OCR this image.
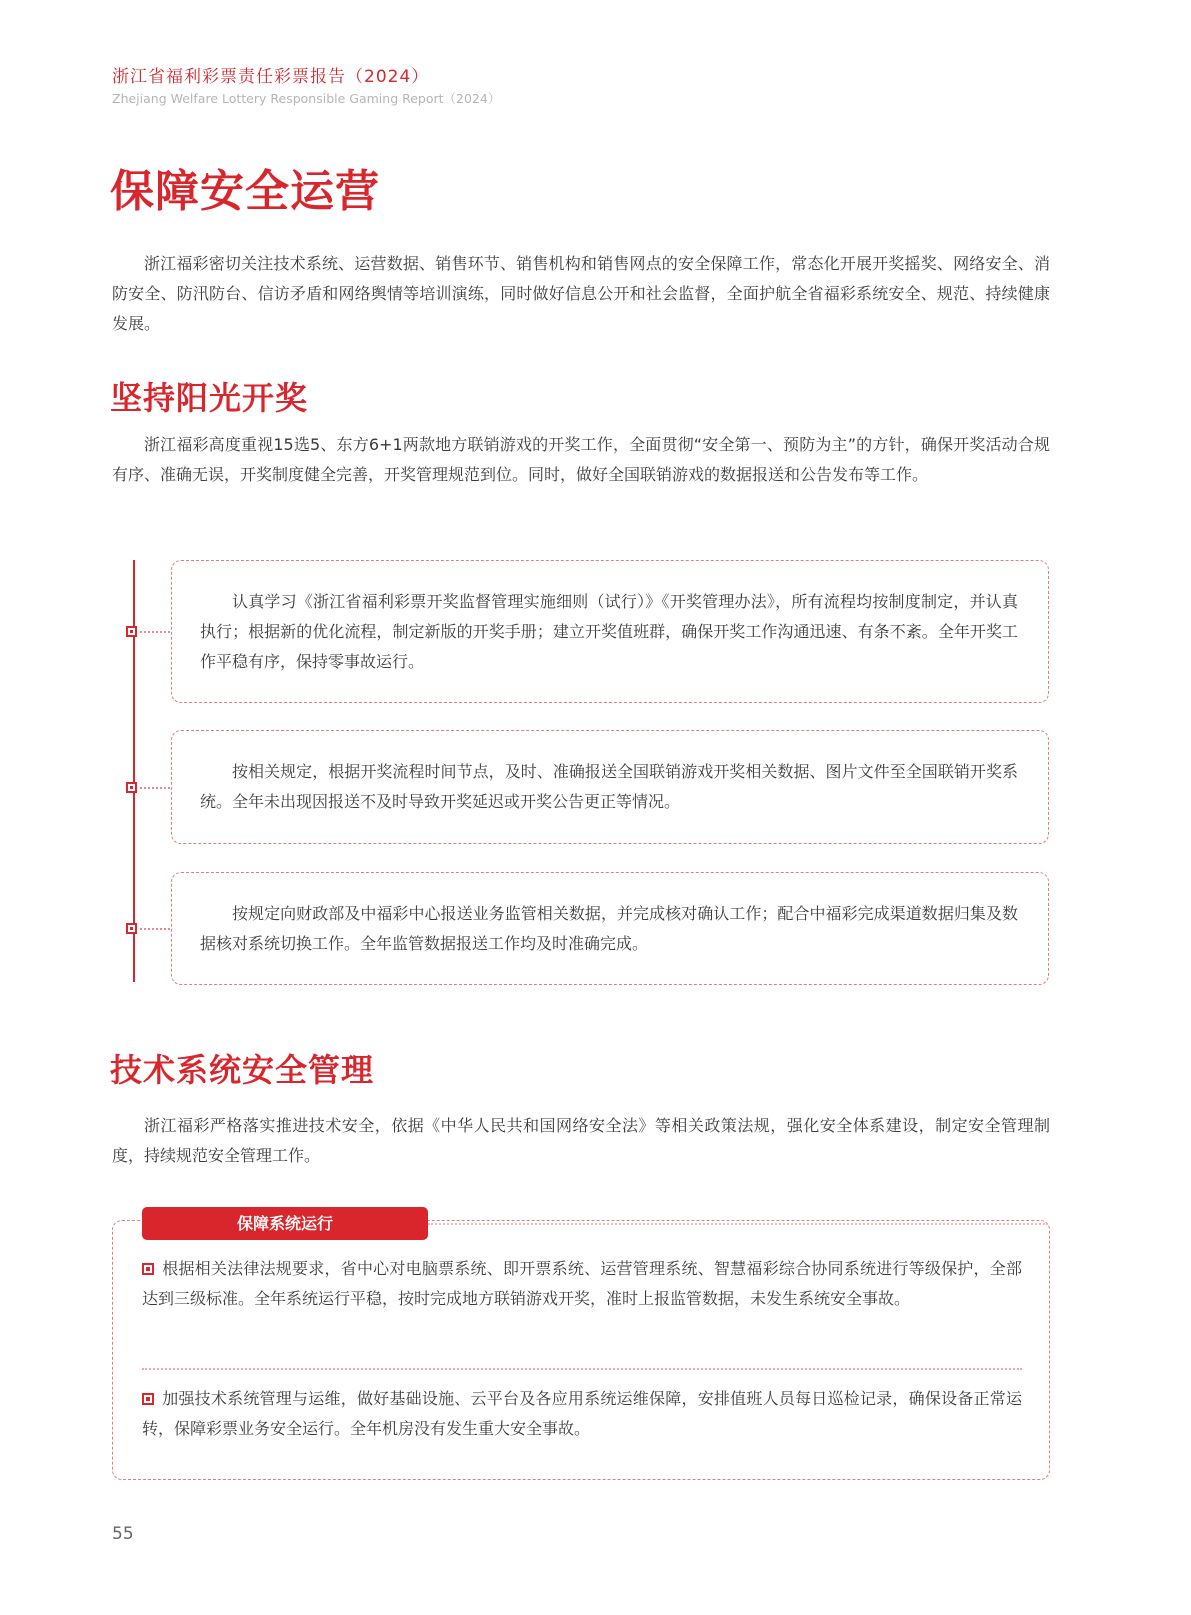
浙江省福利彩票责任彩票报告（2024）
Zhejiang Welfare Lottery Responsible Gaming Report（2024）
保障安全运营
浙江福彩密切关注技术系统、运营数据、销售环节、销售机构和销售网点的安全保障工作，常态化开展开奖摇奖、网络安全、消防安全、防汛防台、信访矛盾和网络舆情等培训演练，同时做好信息公开和社会监督，全面护航全省福彩系统安全、规范、持续健康发展。
坚持阳光开奖
浙江福彩高度重视15选5、东方6+1两款地方联销游戏的开奖工作，全面贯彻“安全第一、预防为主”的方针，确保开奖活动合规有序、准确无误，开奖制度健全完善，开奖管理规范到位。同时，做好全国联销游戏的数据报送和公告发布等工作。

认真学习《浙江省福利彩票开奖监督管理实施细则（试行）》《开奖管理办法》，所有流程均按制度制定，并认真执行；根据新的优化流程，制定新版的开奖手册；建立开奖值班群，确保开奖工作沟通迅速、有条不紊。全年开奖工作平稳有序，保持零事故运行。

按相关规定，根据开奖流程时间节点，及时、准确报送全国联销游戏开奖相关数据、图片文件至全国联销开奖系统。全年未出现因报送不及时导致开奖延迟或开奖公告更正等情况。

按规定向财政部及中福彩中心报送业务监管相关数据，并完成核对确认工作；配合中福彩完成渠道数据归集及数据核对系统切换工作。全年监管数据报送工作均及时准确完成。

技术系统安全管理
浙江福彩严格落实推进技术安全，依据《中华人民共和国网络安全法》等相关政策法规，强化安全体系建设，制定安全管理制度，持续规范安全管理工作。
保障系统运行
根据相关法律法规要求，省中心对电脑票系统、即开票系统、运营管理系统、智慧福彩综合协同系统进行等级保护，全部达到三级标准。全年系统运行平稳，按时完成地方联销游戏开奖，准时上报监管数据，未发生系统安全事故。
加强技术系统管理与运维，做好基础设施、云平台及各应用系统运维保障，安排值班人员每日巡检记录，确保设备正常运转，保障彩票业务安全运行。全年机房没有发生重大安全事故。
55
